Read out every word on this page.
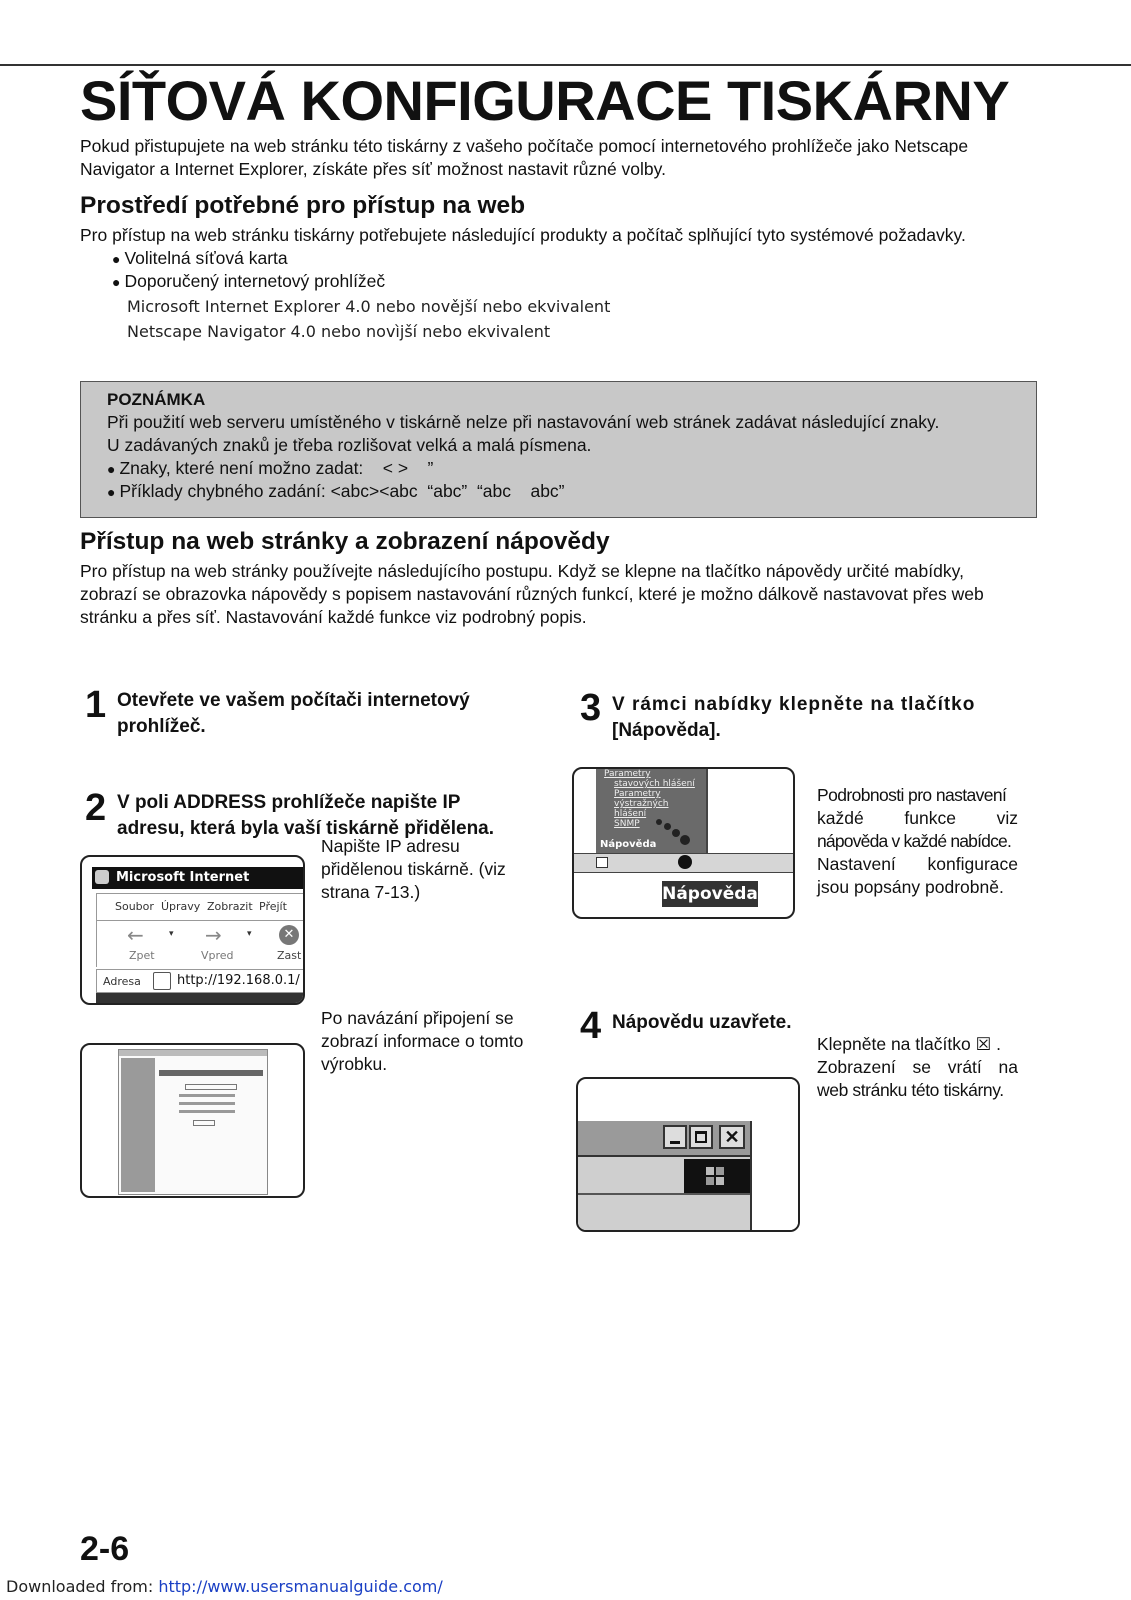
SÍŤOVÁ KONFIGURACE TISKÁRNY

Pokud přistupujete na web stránku této tiskárny z vašeho počítače pomocí internetového prohlížeče jako Netscape

Navigator a Internet Explorer, získáte přes síť možnost nastavit různé volby.

Prostředí potřebné pro přístup na web

Pro přístup na web stránku tiskárny potřebujete následující produkty a počítač splňující tyto systémové požadavky.

● Volitelná síťová karta

● Doporučený internetový prohlížeč

Microsoft Internet Explorer 4.0 nebo novější nebo ekvivalent

Netscape Navigator 4.0 nebo novìjší nebo ekvivalent

POZNÁMKA
Při použití web serveru umístěného v tiskárně nelze při nastavování web stránek zadávat následující znaky.
U zadávaných znaků je třeba rozlišovat velká a malá písmena.
● Znaky, které není možno zadat:    < >    ”
● Příklady chybného zadání: <abc><abc  “abc”  “abc    abc”
Přístup na web stránky a zobrazení nápovědy

Pro přístup na web stránky používejte následujícího postupu. Když se klepne na tlačítko nápovědy určité mabídky,

zobrazí se obrazovka nápovědy s popisem nastavování různých funkcí, které je možno dálkově nastavovat přes web

stránku a přes síť. Nastavování každé funkce viz podrobný popis.

1 Otevřete ve vašem počítači internetový
prohlížeč.
2 V poli ADDRESS prohlížeče napište IP
adresu, která byla vaší tiskárně přidělena.
Microsoft Internet
Soubor Úpravy Zobrazit Přejít
←	▾
Zpet
→	▾
Vpred
✕
Zast
Adresa	http://192.168.0.1/
Napište IP adresu
přidělenou tiskárně. (viz
strana 7-13.)
Po navázání připojení se
zobrazí informace o tomto
výrobku.
3 V rámci nabídky klepněte na tlačítko
[Nápověda].
Parametry
stavových hlášení
Parametry
výstražných
hlášení
SNMP
Nápověda
Nápověda
Podrobnosti pro nastavení
každé funkce viz
nápověda v každé nabídce.
Nastavení konfigurace
jsou popsány podrobně.
4 Nápovědu uzavřete.
✕
Klepněte na tlačítko ☒ .
Zobrazení se vrátí na
web stránku této tiskárny.
2-6
Downloaded from: http://www.usersmanualguide.com/
